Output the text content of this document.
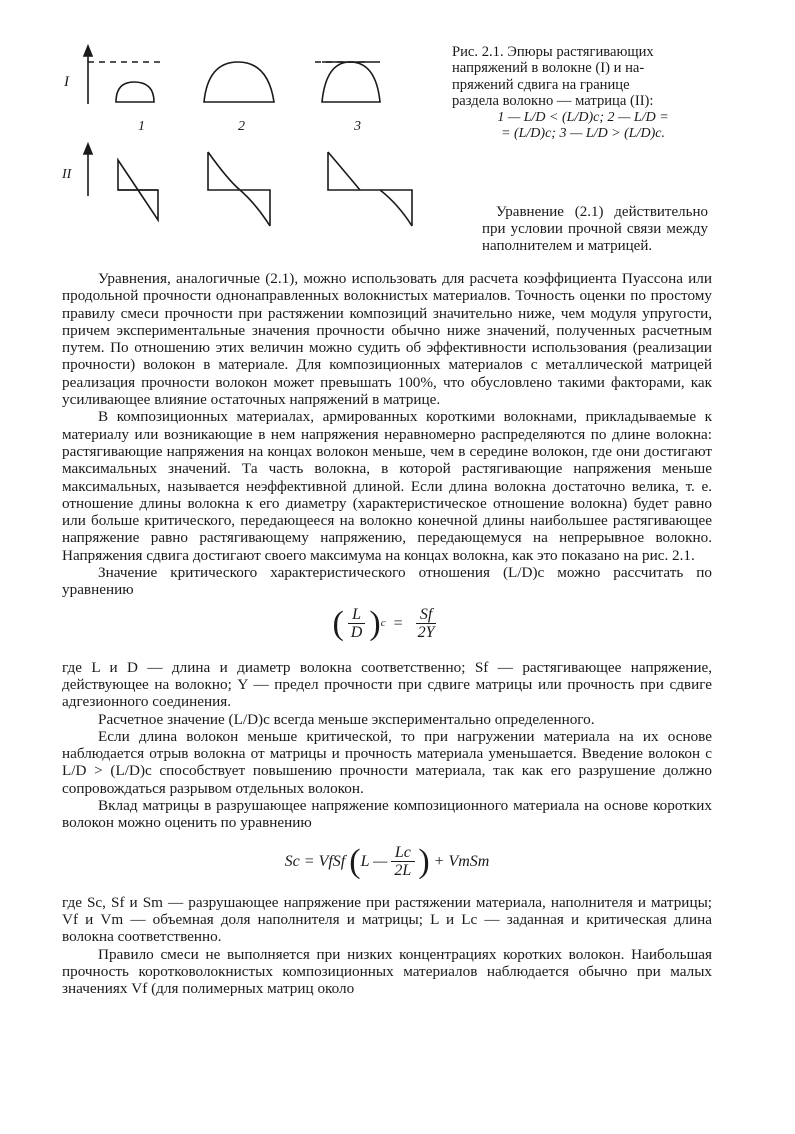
I
II
1	2	3
Рис. 2.1. Эпюры растягивающих
напряжений в волокне (I) и на-
пряжений сдвига на границе
раздела волокно — матрица (II):
1 — L/D < (L/D)c; 2 — L/D =
= (L/D)c; 3 — L/D > (L/D)c.
Уравнение (2.1) действительно при условии прочной связи между наполнителем и матрицей.

Уравнения, аналогичные (2.1), можно использовать для расчета коэффициента Пуассона или продольной прочности однонаправленных волокнистых материалов. Точность оценки по простому правилу смеси прочности при растяжении композиций значительно ниже, чем модуля упругости, причем экспериментальные значения прочности обычно ниже значений, полученных расчетным путем. По отношению этих величин можно судить об эффективности использования (реализации прочности) волокон в материале. Для композиционных материалов с металлической матрицей реализация прочности волокон может превышать 100%, что обусловлено такими факторами, как усиливающее влияние остаточных напряжений в матрице.

В композиционных материалах, армированных короткими волокнами, прикладываемые к материалу или возникающие в нем напряжения неравномерно распределяются по длине волокна: растягивающие напряжения на концах волокон меньше, чем в середине волокон, где они достигают максимальных значений. Та часть волокна, в которой растягивающие напряжения меньше максимальных, называется неэффективной длиной. Если длина волокна достаточно велика, т. е. отношение длины волокна к его диаметру (характеристическое отношение волокна) будет равно или больше критического, передающееся на волокно конечной длины наибольшее растягивающее напряжение равно растягивающему напряжению, передающемуся на непрерывное волокно. Напряжения сдвига достигают своего максимума на концах волокна, как это показано на рис. 2.1.

Значение критического характеристического отношения (L/D)c можно рассчитать по уравнению

( $\frac{L}{D}$ ) $c = \frac{Sf}{2Y}$

где L и D — длина и диаметр волокна соответственно; Sf — растягивающее напряжение, действующее на волокно; Y — предел прочности при сдвиге матрицы или прочность при сдвиге адгезионного соединения.

Расчетное значение (L/D)c всегда меньше экспериментально определенного.

Если длина волокон меньше критической, то при нагружении материала на их основе наблюдается отрыв волокна от матрицы и прочность материала уменьшается. Введение волокон с L/D > (L/D)c способствует повышению прочности материала, так как его разрушение должно сопровождаться разрывом отдельных волокон.

Вклад матрицы в разрушающее напряжение композиционного материала на основе коротких волокон можно оценить по уравнению

Sc = VfSf ( L — $\frac{Lc}{2L}$ ) + VmSm

где Sc, Sf и Sm — разрушающее напряжение при растяжении материала, наполнителя и матрицы; Vf и Vm — объемная доля наполнителя и матрицы; L и Lc — заданная и критическая длина волокна соответственно.

Правило смеси не выполняется при низких концентрациях коротких волокон. Наибольшая прочность коротковолокнистых композиционных материалов наблюдается обычно при малых значениях Vf (для полимерных матриц около
